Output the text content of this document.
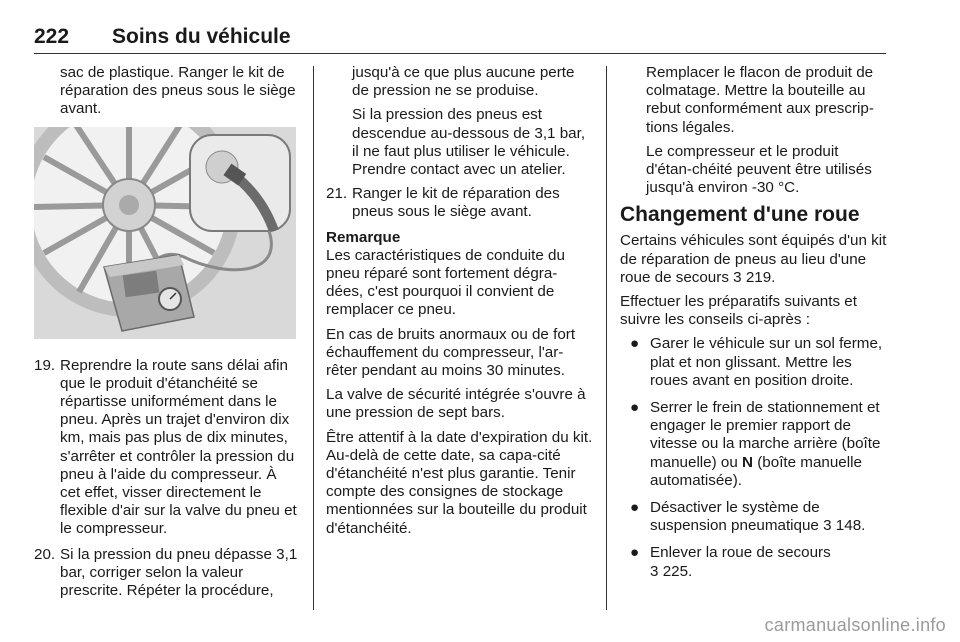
222 Soins du véhicule

sac de plastique. Ranger le kit de réparation des pneus sous le siège avant.

19. Reprendre la route sans délai afin que le produit d'étanchéité se répartisse uniformément dans le pneu. Après un trajet d'environ dix km, mais pas plus de dix minutes, s'arrêter et contrôler la pression du pneu à l'aide du compresseur. À cet effet, visser directement le flexible d'air sur la valve du pneu et le compresseur.
20. Si la pression du pneu dépasse 3,1 bar, corriger selon la valeur prescrite. Répéter la procédure,

jusqu'à ce que plus aucune perte de pression ne se produise.

Si la pression des pneus est descendue au-dessous de 3,1 bar, il ne faut plus utiliser le véhicule. Prendre contact avec un atelier.

21. Ranger le kit de réparation des pneus sous le siège avant.

Remarque

Les caractéristiques de conduite du pneu réparé sont fortement dégra-dées, c'est pourquoi il convient de remplacer ce pneu.

En cas de bruits anormaux ou de fort échauffement du compresseur, l'ar-rêter pendant au moins 30 minutes.

La valve de sécurité intégrée s'ouvre à une pression de sept bars.

Être attentif à la date d'expiration du kit. Au-delà de cette date, sa capa-cité d'étanchéité n'est plus garantie. Tenir compte des consignes de stockage mentionnées sur la bouteille du produit d'étanchéité.

Remplacer le flacon de produit de colmatage. Mettre la bouteille au rebut conformément aux prescrip-tions légales.

Le compresseur et le produit d'étan-chéité peuvent être utilisés jusqu'à environ -30 °C.

Changement d'une roue

Certains véhicules sont équipés d'un kit de réparation de pneus au lieu d'une roue de secours 3 219.

Effectuer les préparatifs suivants et suivre les conseils ci-après :

● Garer le véhicule sur un sol ferme, plat et non glissant. Mettre les roues avant en position droite.
● Serrer le frein de stationnement et engager le premier rapport de vitesse ou la marche arrière (boîte manuelle) ou N (boîte manuelle automatisée).
● Désactiver le système de suspension pneumatique 3 148.
● Enlever la roue de secours
3 225.
carmanualsonline.info
